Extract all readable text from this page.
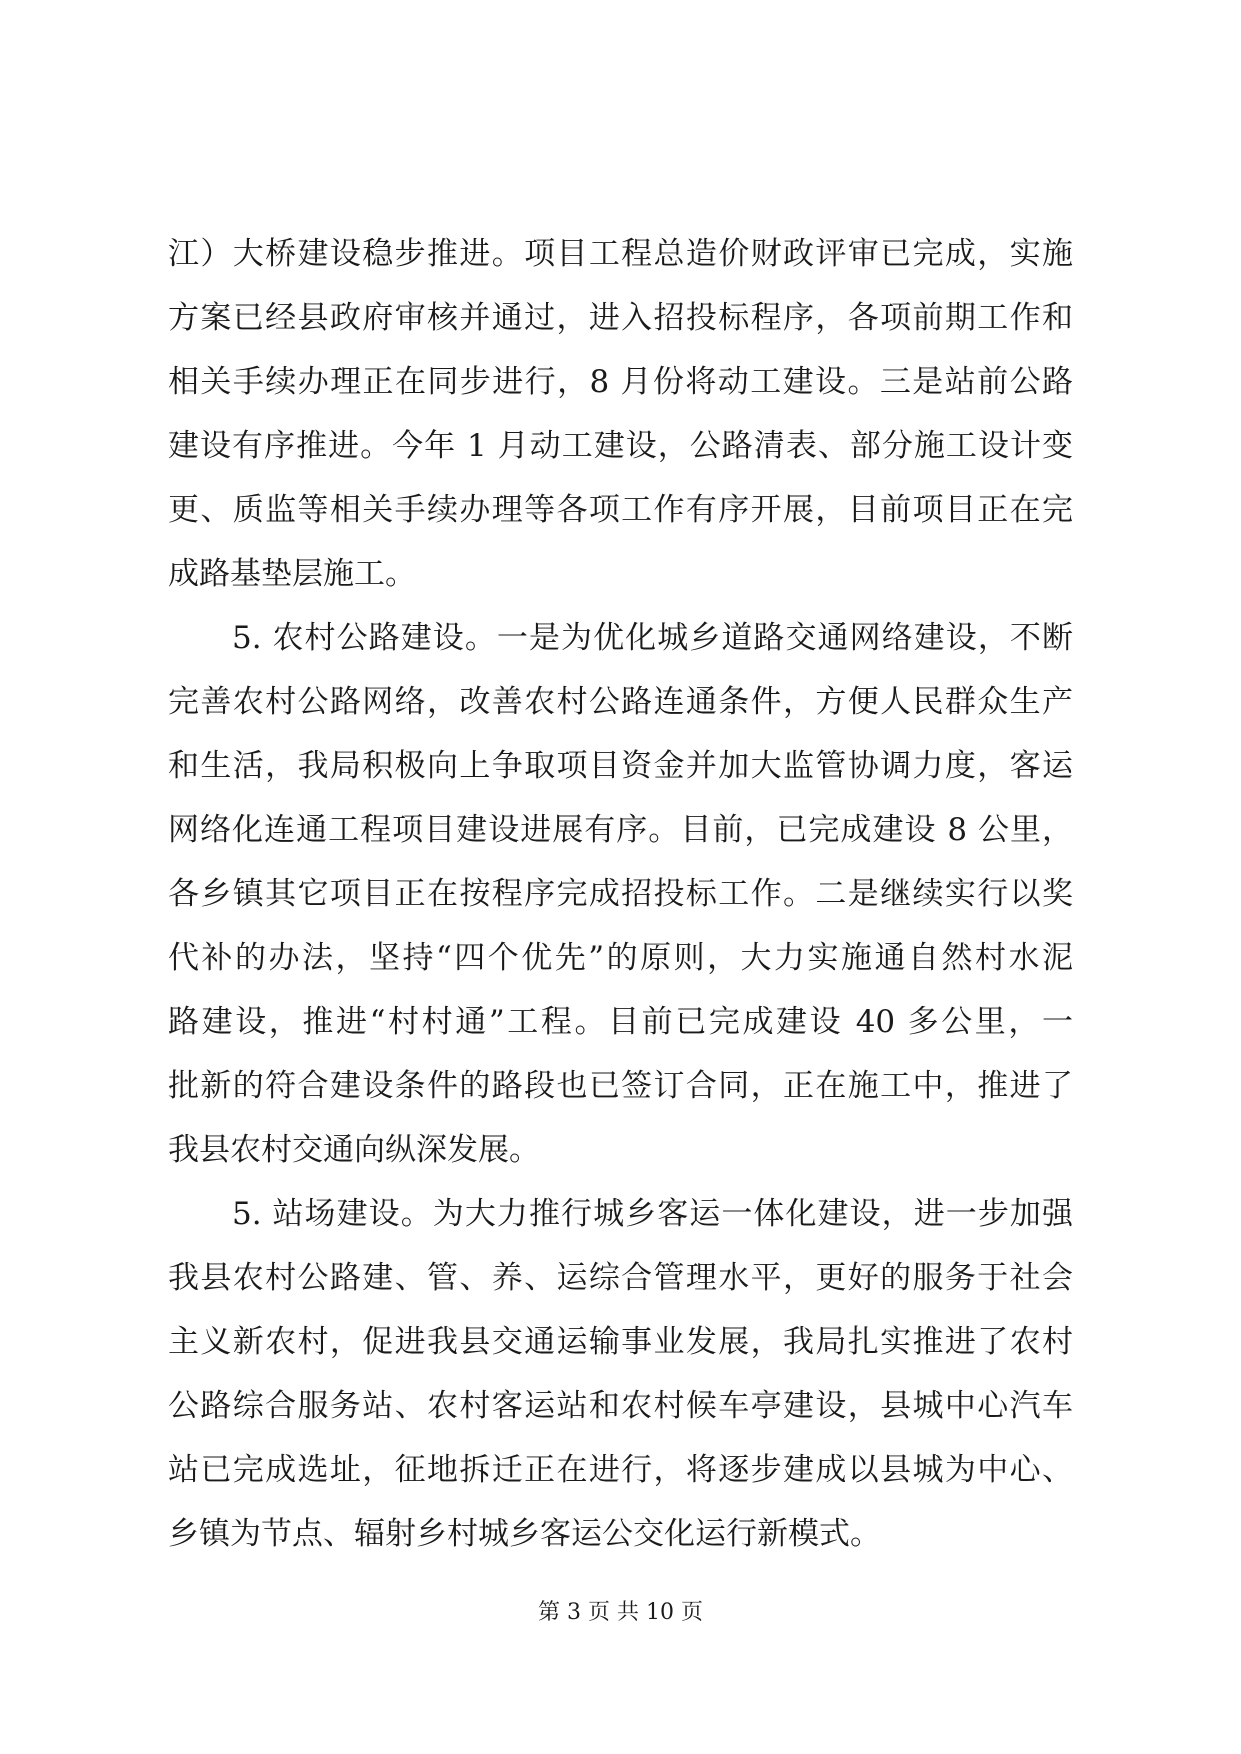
江）大桥建设稳步推进。项目工程总造价财政评审已完成，实施
方案已经县政府审核并通过，进入招投标程序，各项前期工作和
相关手续办理正在同步进行，8 月份将动工建设。三是站前公路
建设有序推进。今年 1 月动工建设，公路清表、部分施工设计变
更、质监等相关手续办理等各项工作有序开展，目前项目正在完
成路基垫层施工。
5. 农村公路建设。一是为优化城乡道路交通网络建设，不断
完善农村公路网络，改善农村公路连通条件，方便人民群众生产
和生活，我局积极向上争取项目资金并加大监管协调力度，客运
网络化连通工程项目建设进展有序。目前，已完成建设 8 公里，
各乡镇其它项目正在按程序完成招投标工作。二是继续实行以奖
代补的办法，坚持“四个优先”的原则，大力实施通自然村水泥
路建设，推进“村村通”工程。目前已完成建设 40 多公里，一
批新的符合建设条件的路段也已签订合同，正在施工中，推进了
我县农村交通向纵深发展。
5. 站场建设。为大力推行城乡客运一体化建设，进一步加强
我县农村公路建、管、养、运综合管理水平，更好的服务于社会
主义新农村，促进我县交通运输事业发展，我局扎实推进了农村
公路综合服务站、农村客运站和农村候车亭建设，县城中心汽车
站已完成选址，征地拆迁正在进行，将逐步建成以县城为中心、
乡镇为节点、辐射乡村城乡客运公交化运行新模式。
第 3 页 共 10 页
